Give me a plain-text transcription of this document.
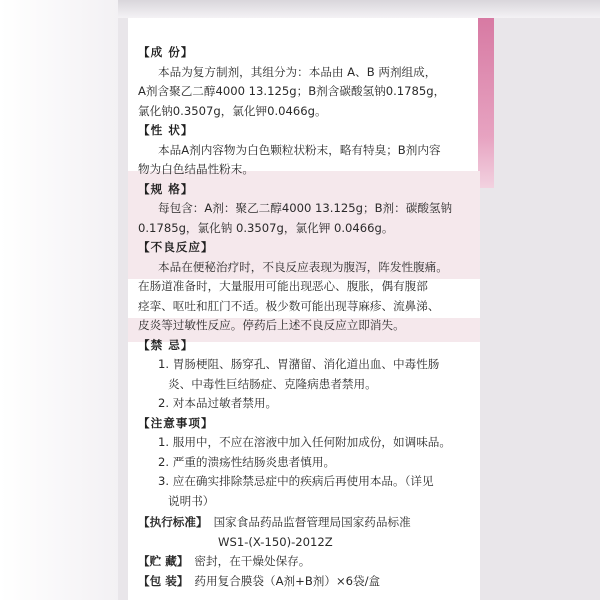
【成 份】
本品为复方制剂，其组分为：本品由 A、B 两剂组成，
A剂含聚乙二醇4000 13.125g；B剂含碳酸氢钠0.1785g，
氯化钠0.3507g，氯化钾0.0466g。
【性 状】
本品A剂内容物为白色颗粒状粉末，略有特臭；B剂内容
物为白色结晶性粉末。
【规 格】
每包含：A剂：聚乙二醇4000 13.125g；B剂：碳酸氢钠
0.1785g，氯化钠 0.3507g，氯化钾 0.0466g。
【不良反应】
本品在便秘治疗时，不良反应表现为腹泻，阵发性腹痛。
在肠道准备时，大量服用可能出现恶心、腹胀，偶有腹部
痉挛、呕吐和肛门不适。极少数可能出现荨麻疹、流鼻涕、
皮炎等过敏性反应。停药后上述不良反应立即消失。
【禁 忌】
1. 胃肠梗阻、肠穿孔、胃潴留、消化道出血、中毒性肠
炎、中毒性巨结肠症、克隆病患者禁用。
2. 对本品过敏者禁用。
【注意事项】
1. 服用中，不应在溶液中加入任何附加成份，如调味品。
2. 严重的溃疡性结肠炎患者慎用。
3. 应在确实排除禁忌症中的疾病后再使用本品。（详见
说明书）
【执行标准】 国家食品药品监督管理局国家药品标准
WS1-(X-150)-2012Z
【贮 藏】 密封，在干燥处保存。
【包 装】 药用复合膜袋（A剂+B剂）×6袋/盒
